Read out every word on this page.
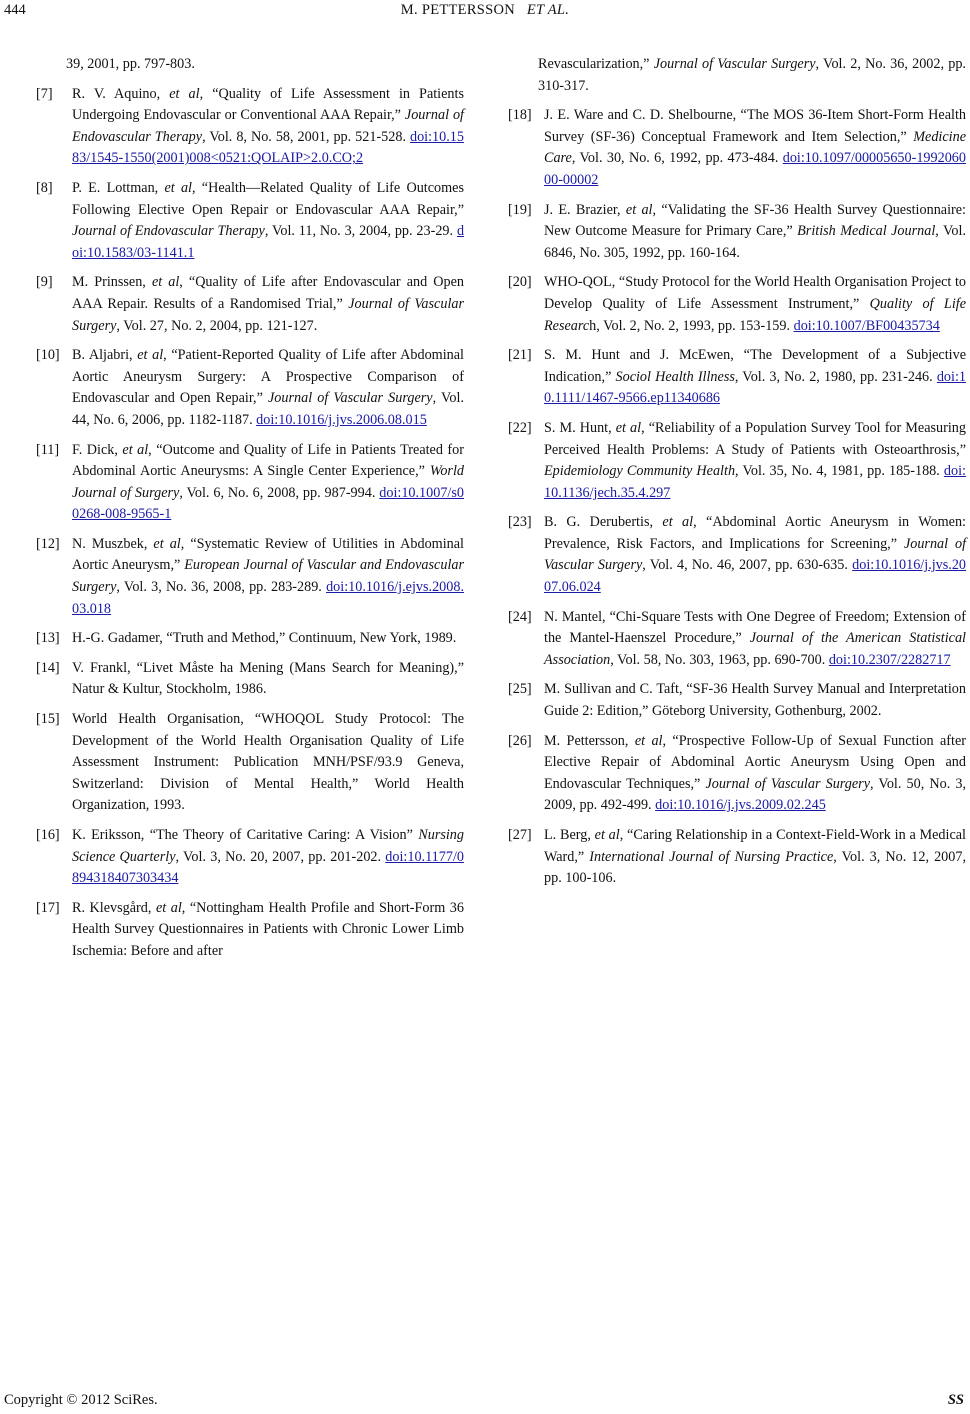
444	M. PETTERSSON ET AL.
39, 2001, pp. 797-803.
[7]	R. V. Aquino, et al, “Quality of Life Assessment in Patients Undergoing Endovascular or Conventional AAA Repair,” Journal of Endovascular Therapy, Vol. 8, No. 58, 2001, pp. 521-528. doi:10.1583/1545-1550(2001)008<0521:QOLAIP>2.0.CO;2
[8]	P. E. Lottman, et al, “Health—Related Quality of Life Outcomes Following Elective Open Repair or Endovascular AAA Repair,” Journal of Endovascular Therapy, Vol. 11, No. 3, 2004, pp. 23-29. doi:10.1583/03-1141.1
[9]	M. Prinssen, et al, “Quality of Life after Endovascular and Open AAA Repair. Results of a Randomised Trial,” Journal of Vascular Surgery, Vol. 27, No. 2, 2004, pp. 121-127.
[10] B. Aljabri, et al, “Patient-Reported Quality of Life after Abdominal Aortic Aneurysm Surgery: A Prospective Comparison of Endovascular and Open Repair,” Journal of Vascular Surgery, Vol. 44, No. 6, 2006, pp. 1182-1187. doi:10.1016/j.jvs.2006.08.015
[11] F. Dick, et al, “Outcome and Quality of Life in Patients Treated for Abdominal Aortic Aneurysms: A Single Center Experience,” World Journal of Surgery, Vol. 6, No. 6, 2008, pp. 987-994. doi:10.1007/s00268-008-9565-1
[12] N. Muszbek, et al, “Systematic Review of Utilities in Abdominal Aortic Aneurysm,” European Journal of Vascular and Endovascular Surgery, Vol. 3, No. 36, 2008, pp. 283-289. doi:10.1016/j.ejvs.2008.03.018
[13] H.-G. Gadamer, “Truth and Method,” Continuum, New York, 1989.
[14] V. Frankl, “Livet Måste ha Mening (Mans Search for Meaning),” Natur & Kultur, Stockholm, 1986.
[15] World Health Organisation, “WHOQOL Study Protocol: The Development of the World Health Organisation Quality of Life Assessment Instrument: Publication MNH/PSF/93.9 Geneva, Switzerland: Division of Mental Health,” World Health Organization, 1993.
[16] K. Eriksson, “The Theory of Caritative Caring: A Vision” Nursing Science Quarterly, Vol. 3, No. 20, 2007, pp. 201-202. doi:10.1177/0894318407303434
[17] R. Klevsgård, et al, “Nottingham Health Profile and Short-Form 36 Health Survey Questionnaires in Patients with Chronic Lower Limb Ischemia: Before and after
Revascularization,” Journal of Vascular Surgery, Vol. 2, No. 36, 2002, pp. 310-317.
[18] J. E. Ware and C. D. Shelbourne, “The MOS 36-Item Short-Form Health Survey (SF-36) Conceptual Framework and Item Selection,” Medicine Care, Vol. 30, No. 6, 1992, pp. 473-484. doi:10.1097/00005650-199206000-00002
[19] J. E. Brazier, et al, “Validating the SF-36 Health Survey Questionnaire: New Outcome Measure for Primary Care,” British Medical Journal, Vol. 6846, No. 305, 1992, pp. 160-164.
[20] WHO-QOL, “Study Protocol for the World Health Organisation Project to Develop Quality of Life Assessment Instrument,” Quality of Life Research, Vol. 2, No. 2, 1993, pp. 153-159. doi:10.1007/BF00435734
[21] S. M. Hunt and J. McEwen, “The Development of a Subjective Indication,” Sociol Health Illness, Vol. 3, No. 2, 1980, pp. 231-246. doi:10.1111/1467-9566.ep11340686
[22] S. M. Hunt, et al, “Reliability of a Population Survey Tool for Measuring Perceived Health Problems: A Study of Patients with Osteoarthrosis,” Epidemiology Community Health, Vol. 35, No. 4, 1981, pp. 185-188. doi:10.1136/jech.35.4.297
[23] B. G. Derubertis, et al, “Abdominal Aortic Aneurysm in Women: Prevalence, Risk Factors, and Implications for Screening,” Journal of Vascular Surgery, Vol. 4, No. 46, 2007, pp. 630-635. doi:10.1016/j.jvs.2007.06.024
[24] N. Mantel, “Chi-Square Tests with One Degree of Freedom; Extension of the Mantel-Haenszel Procedure,” Journal of the American Statistical Association, Vol. 58, No. 303, 1963, pp. 690-700. doi:10.2307/2282717
[25] M. Sullivan and C. Taft, “SF-36 Health Survey Manual and Interpretation Guide 2: Edition,” Göteborg University, Gothenburg, 2002.
[26] M. Pettersson, et al, “Prospective Follow-Up of Sexual Function after Elective Repair of Abdominal Aortic Aneurysm Using Open and Endovascular Techniques,” Journal of Vascular Surgery, Vol. 50, No. 3, 2009, pp. 492-499. doi:10.1016/j.jvs.2009.02.245
[27] L. Berg, et al, “Caring Relationship in a Context-Field-Work in a Medical Ward,” International Journal of Nursing Practice, Vol. 3, No. 12, 2007, pp. 100-106.
Copyright © 2012 SciRes.	SS
